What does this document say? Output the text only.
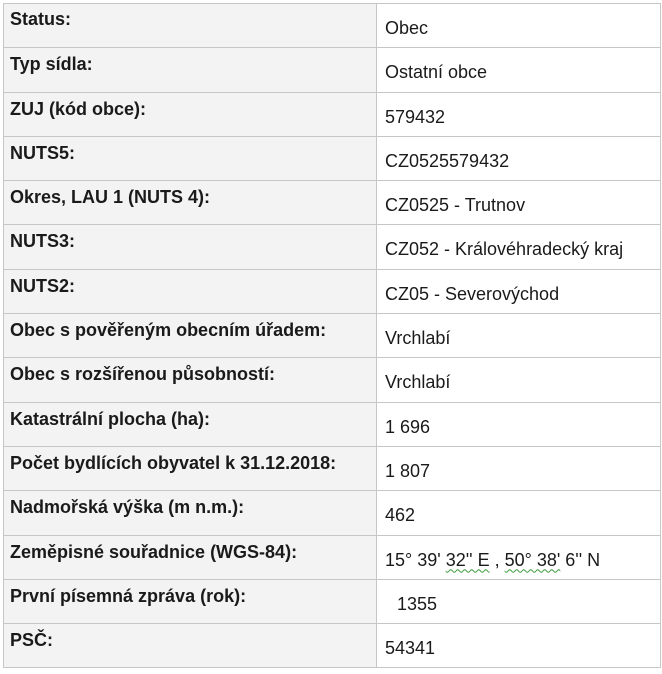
Status:	Obec
Typ sídla:	Ostatní obce
ZUJ (kód obce):	579432
NUTS5:	CZ0525579432
Okres, LAU 1 (NUTS 4):	CZ0525 - Trutnov
NUTS3:	CZ052 - Královéhradecký kraj
NUTS2:	CZ05 - Severovýchod
Obec s pověřeným obecním úřadem:	Vrchlabí
Obec s rozšířenou působností:	Vrchlabí
Katastrální plocha (ha):	1 696
Počet bydlících obyvatel k 31.12.2018:	1 807
Nadmořská výška (m n.m.):	462
Zeměpisné souřadnice (WGS-84):	15° 39' 32'' E , 50° 38' 6'' N
První písemná zpráva (rok):	1355
PSČ:	54341
